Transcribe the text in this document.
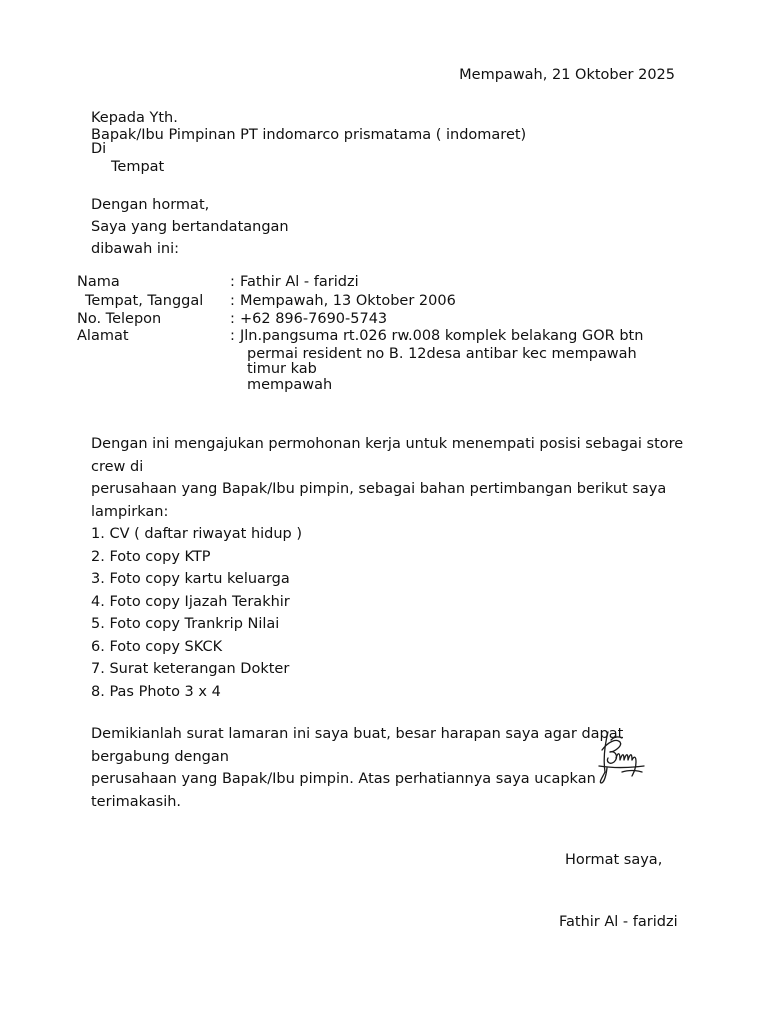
Mempawah, 21 Oktober 2025
Kepada Yth.
Bapak/Ibu Pimpinan PT indomarco prismatama ( indomaret)
Di
Tempat
Dengan hormat,
Saya yang bertandatangan
dibawah ini:
Nama	: Fathir Al - faridzi
Tempat, Tanggal : Mempawah, 13 Oktober 2006
No. Telepon	: +62 896-7690-5743
Alamat	: Jln.pangsuma rt.026 rw.008 komplek belakang GOR btn
permai resident no B. 12desa antibar kec mempawah
timur kab
mempawah
Dengan ini mengajukan permohonan kerja untuk menempati posisi sebagai store
crew di
perusahaan yang Bapak/Ibu pimpin, sebagai bahan pertimbangan berikut saya
lampirkan:
1. CV ( daftar riwayat hidup )
2. Foto copy KTP
3. Foto copy kartu keluarga
4. Foto copy Ijazah Terakhir
5. Foto copy Trankrip Nilai
6. Foto copy SKCK
7. Surat keterangan Dokter
8. Pas Photo 3 x 4
Demikianlah surat lamaran ini saya buat, besar harapan saya agar dapat
bergabung dengan
perusahaan yang Bapak/Ibu pimpin. Atas perhatiannya saya ucapkan
terimakasih.
Hormat saya,
Fathir Al - faridzi
